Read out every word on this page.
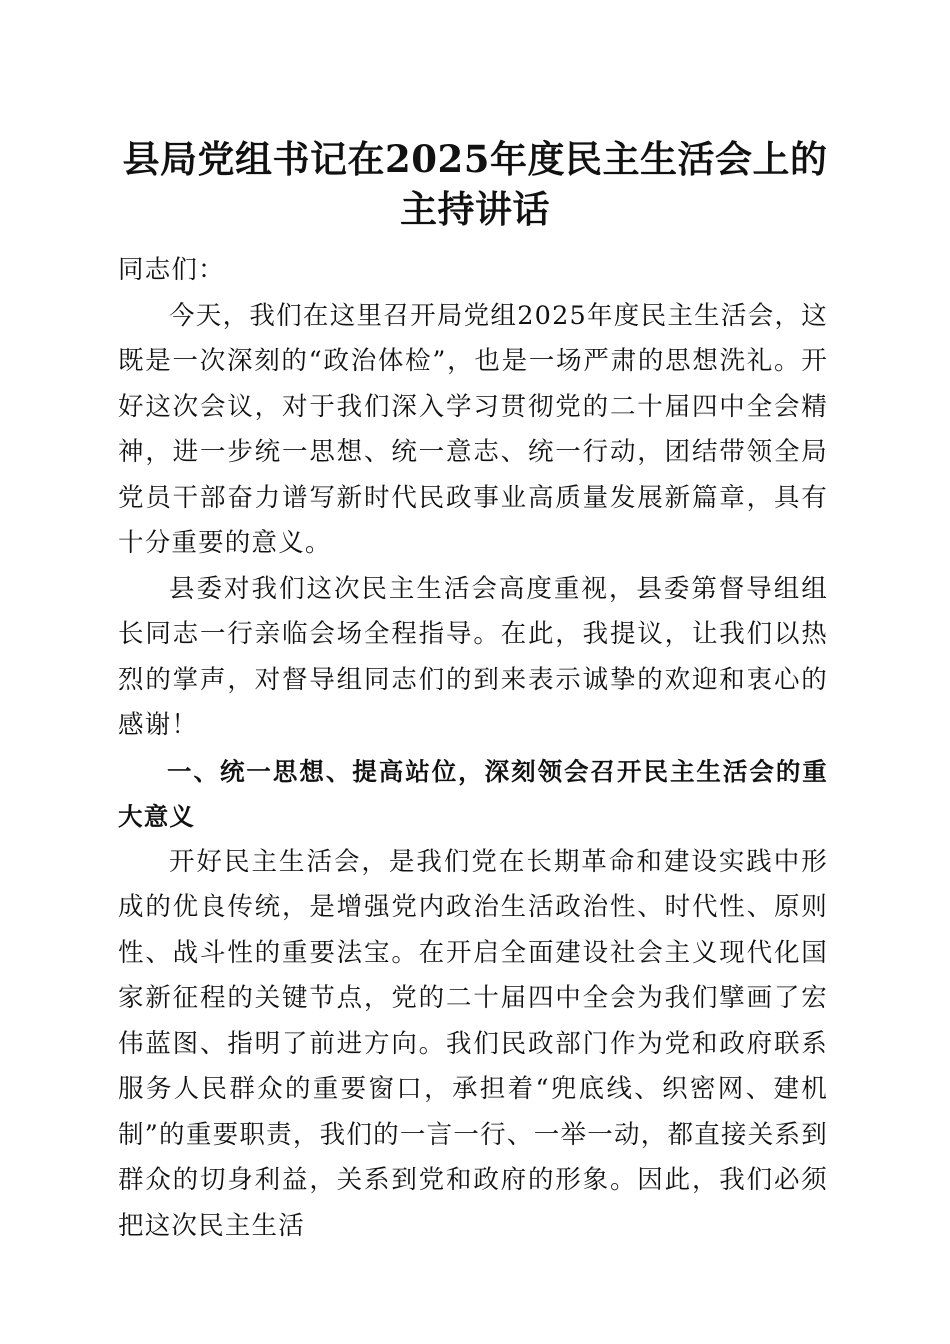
县局党组书记在2025年度民主生活会上的主持讲话

同志们：

今天，我们在这里召开局党组2025年度民主生活会，这既是一次深刻的“政治体检”，也是一场严肃的思想洗礼。开好这次会议，对于我们深入学习贯彻党的二十届四中全会精神，进一步统一思想、统一意志、统一行动，团结带领全局党员干部奋力谱写新时代民政事业高质量发展新篇章，具有十分重要的意义。

县委对我们这次民主生活会高度重视，县委第督导组组长同志一行亲临会场全程指导。在此，我提议，让我们以热烈的掌声，对督导组同志们的到来表示诚挚的欢迎和衷心的感谢！

一、统一思想、提高站位，深刻领会召开民主生活会的重大意义

开好民主生活会，是我们党在长期革命和建设实践中形成的优良传统，是增强党内政治生活政治性、时代性、原则性、战斗性的重要法宝。在开启全面建设社会主义现代化国家新征程的关键节点，党的二十届四中全会为我们擘画了宏伟蓝图、指明了前进方向。我们民政部门作为党和政府联系服务人民群众的重要窗口，承担着“兜底线、织密网、建机制”的重要职责，我们的一言一行、一举一动，都直接关系到群众的切身利益，关系到党和政府的形象。因此，我们必须把这次民主生活
